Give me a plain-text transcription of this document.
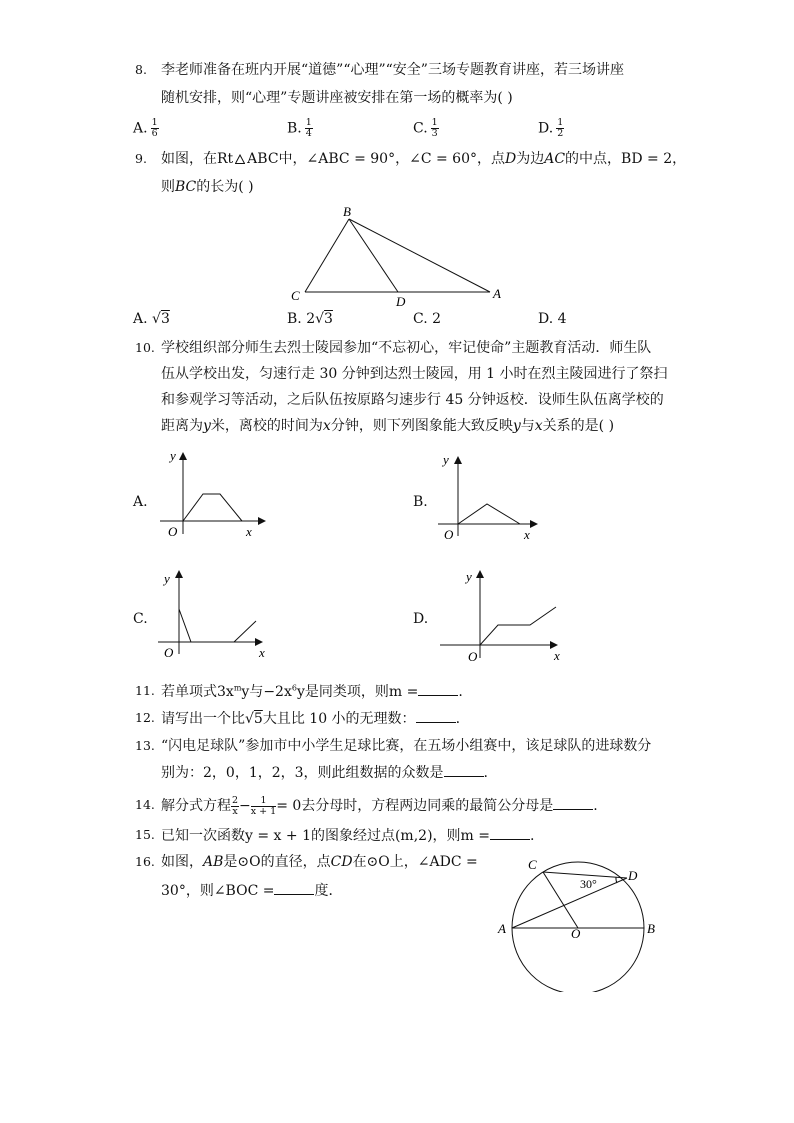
8. 李老师准备在班内开展“道德”“心理”“安全”三场专题教育讲座，若三场讲座
随机安排，则“心理”专题讲座被安排在第一场的概率为( )
A. $\frac{1}{6}$	B. $\frac{1}{4}$	C. $\frac{1}{3}$	D. $\frac{1}{2}$
9. 如图，在Rt ABC中，∠ABC = 90°，∠C = 60°，点D为边AC的中点，BD = 2，
则BC的长为( )
B
C	D
A
A. √3	B. 2√3	C. 2	D. 4
10. 学校组织部分师生去烈士陵园参加“不忘初心，牢记使命”主题教育活动．师生队
伍从学校出发，匀速行走 30 分钟到达烈士陵园，用 1 小时在烈主陵园进行了祭扫
和参观学习等活动，之后队伍按原路匀速步行 45 分钟返校．设师生队伍离学校的
距离为y米，离校的时间为x分钟，则下列图象能大致反映y与x关系的是( )
A.
y
x
O
B.
y
x
O
C.
y
x
O
D.
y
x
O
11. 若单项式$3x^my$与$-2x^6y$是同类项，则m =	.
12. 请写出一个比√5大且比 10 小的无理数：	.
13. “闪电足球队”参加市中小学生足球比赛，在五场小组赛中，该足球队的进球数分
别为：2，0，1，2，3，则此组数据的众数是	.
14. 解分式方程 $\frac{2}{x} - \frac{1}{x + 1} = 0$去分母时，方程两边同乘的最简公分母是	.
15. 已知一次函数y = x + 1的图象经过点(m,2)，则m =	.
16. 如图，AB是⊙O的直径，点CD在⊙O上，∠ADC =
30°，则∠BOC =	度．
C
D
A	O	B
30°
